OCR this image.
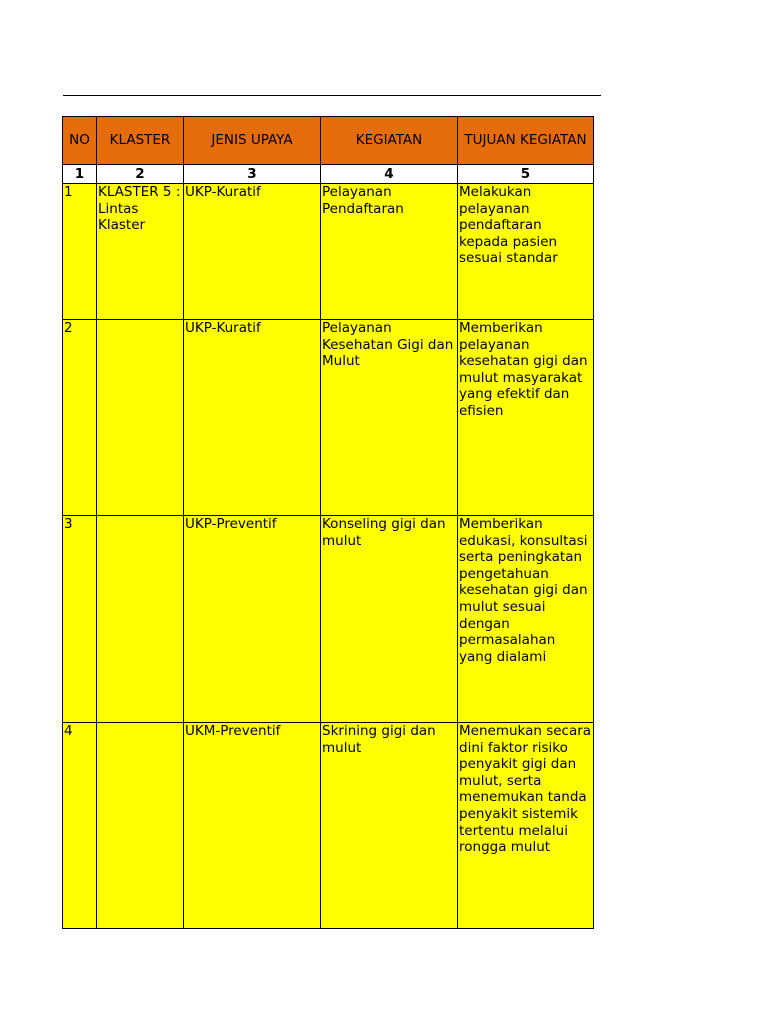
NO	KLASTER	JENIS UPAYA	KEGIATAN	TUJUAN KEGIATAN
1	2	3	4	5
1	KLASTER 5 : Lintas Klaster	UKP-Kuratif	Pelayanan Pendaftaran	Melakukan pelayanan pendaftaran kepada pasien sesuai standar
2		UKP-Kuratif	Pelayanan Kesehatan Gigi dan Mulut	Memberikan pelayanan kesehatan gigi dan mulut masyarakat yang efektif dan efisien
3		UKP-Preventif	Konseling gigi dan mulut	Memberikan edukasi, konsultasi serta peningkatan pengetahuan kesehatan gigi dan mulut sesuai dengan permasalahan yang dialami
4		UKM-Preventif	Skrining gigi dan mulut	Menemukan secara dini faktor risiko penyakit gigi dan mulut, serta menemukan tanda penyakit sistemik tertentu melalui rongga mulut
